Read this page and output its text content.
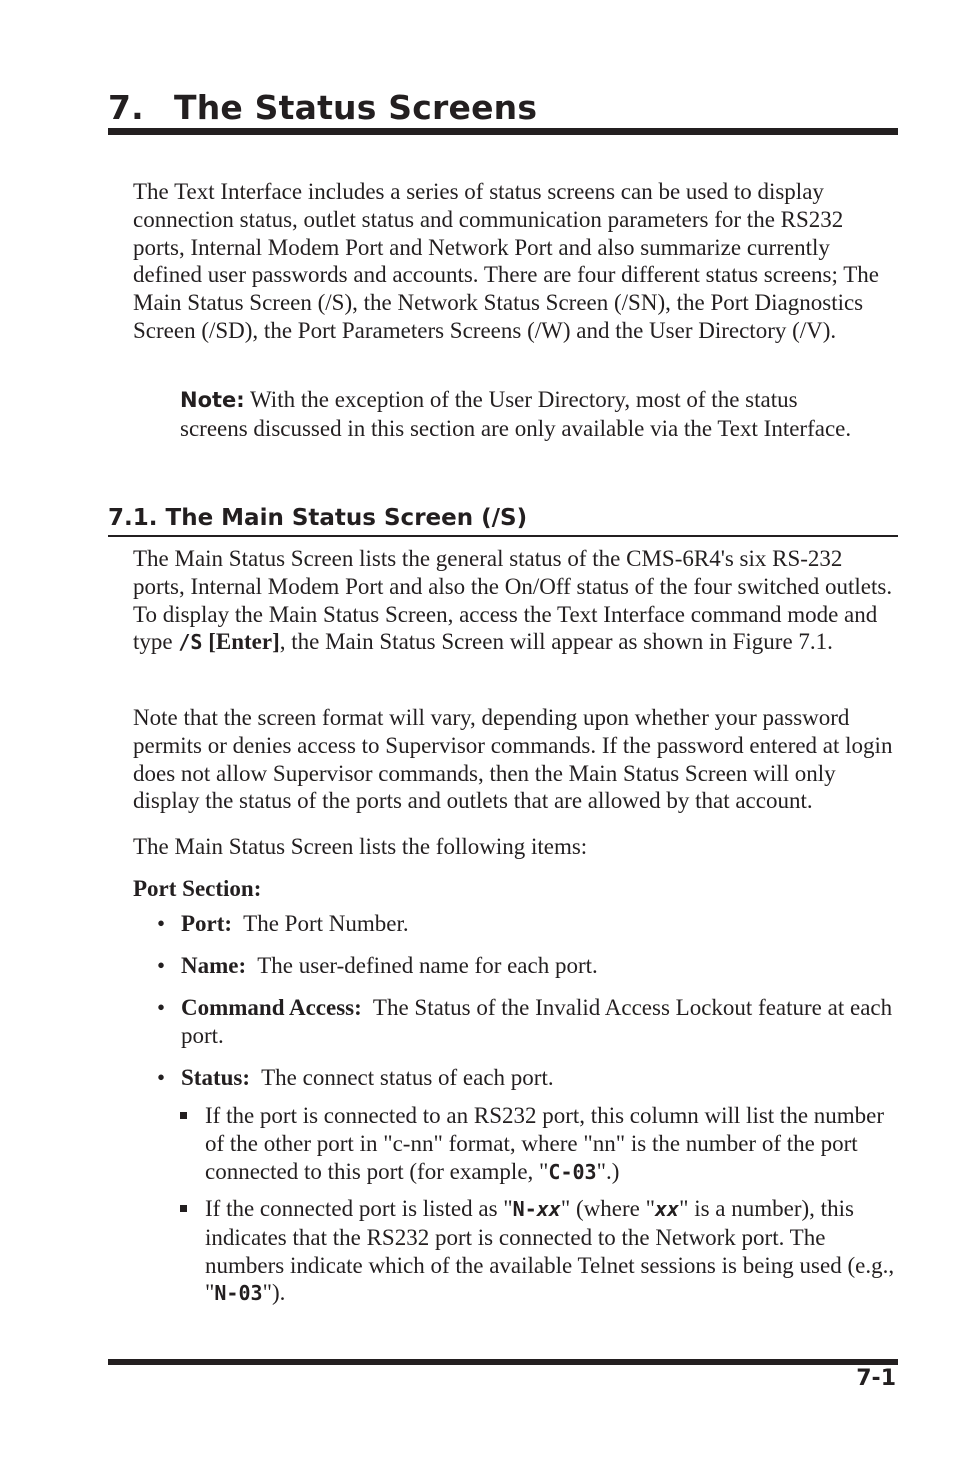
7. The Status Screens

The Text Interface includes a series of status screens can be used to display connection status, outlet status and communication parameters for the RS232 ports, Internal Modem Port and Network Port and also summarize currently defined user passwords and accounts. There are four different status screens; The Main Status Screen (/S), the Network Status Screen (/SN), the Port Diagnostics Screen (/SD), the Port Parameters Screens (/W) and the User Directory (/V).

Note: With the exception of the User Directory, most of the status screens discussed in this section are only available via the Text Interface.
7.1. The Main Status Screen (/S)

The Main Status Screen lists the general status of the CMS-6R4's six RS-232 ports, Internal Modem Port and also the On/Off status of the four switched outlets. To display the Main Status Screen, access the Text Interface command mode and type /S [Enter], the Main Status Screen will appear as shown in Figure 7.1.

Note that the screen format will vary, depending upon whether your password permits or denies access to Supervisor commands. If the password entered at login does not allow Supervisor commands, then the Main Status Screen will only display the status of the ports and outlets that are allowed by that account.

The Main Status Screen lists the following items:

Port Section:
• Port: The Port Number.
• Name: The user-defined name for each port.
• Command Access: The Status of the Invalid Access Lockout feature at each port.
• Status: The connect status of each port.
If the port is connected to an RS232 port, this column will list the number of the other port in "c-nn" format, where "nn" is the number of the port connected to this port (for example, "C-03".)
If the connected port is listed as "N-xx" (where "xx" is a number), this indicates that the RS232 port is connected to the Network port. The numbers indicate which of the available Telnet sessions is being used (e.g., "N-03").
7-1
